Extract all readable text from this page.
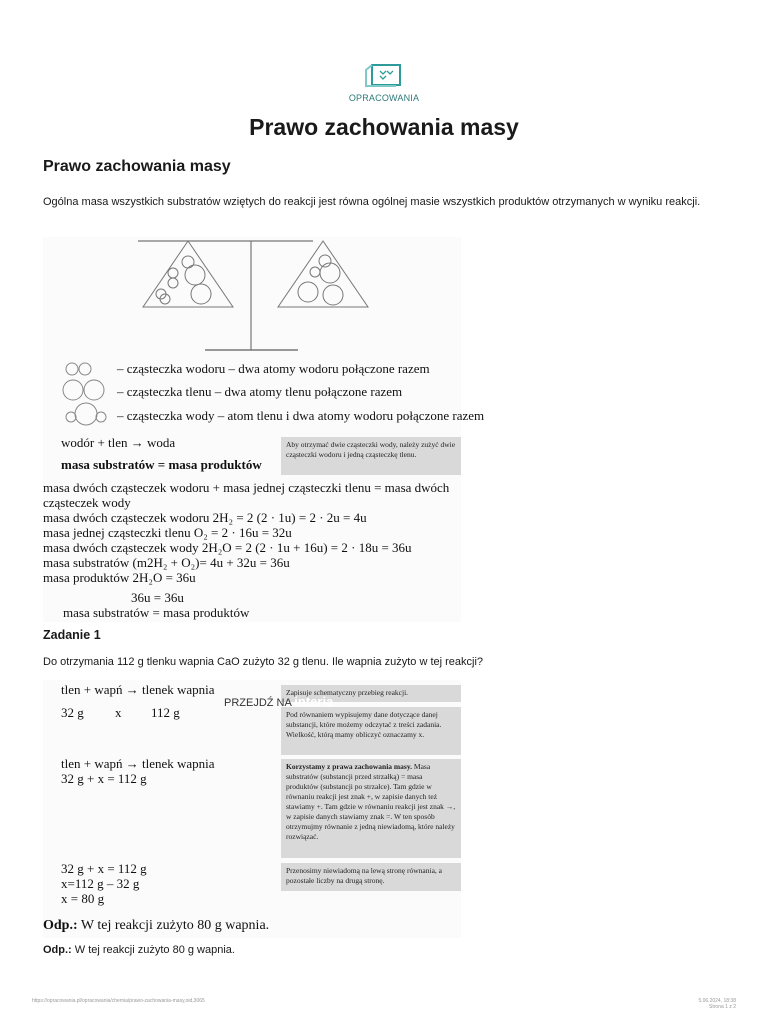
OPRACOWANIA
Prawo zachowania masy
Prawo zachowania masy

Ogólna masa wszystkich substratów wziętych do reakcji jest równa ogólnej masie wszystkich produktów otrzymanych w wyniku reakcji.

– cząsteczka wodoru – dwa atomy wodoru połączone razem
– cząsteczka tlenu – dwa atomy tlenu połączone razem
– cząsteczka wody – atom tlenu i dwa atomy wodoru połączone razem
wodór + tlen → woda
masa substratów = masa produktów
Aby otrzymać dwie cząsteczki wody, należy zużyć dwie cząsteczki wodoru i jedną cząsteczkę tlenu.
masa dwóch cząsteczek wodoru + masa jednej cząsteczki tlenu = masa dwóch
cząsteczek wody
masa dwóch cząsteczek wodoru 2H₂ = 2 (2 · 1u) = 2 · 2u = 4u
masa jednej cząsteczki tlenu O₂ = 2 · 16u = 32u
masa dwóch cząsteczek wody 2H₂O = 2 (2 · 1u + 16u) = 2 · 18u = 36u
masa substratów (m2H₂ + O₂)= 4u + 32u = 36u
masa produktów 2H₂O = 36u
36u = 36u
masa substratów = masa produktów
Zadanie 1

Do otrzymania 112 g tlenku wapnia CaO zużyto 32 g tlenu. Ile wapnia zużyto w tej reakcji?

tlen + wapń → tlenek wapnia
32 g x 112 g
Zapisuje schematyczny przebieg reakcji.
Pod równaniem wypisujemy dane dotyczące danej substancji, które możemy odczytać z treści zadania. Wielkość, którą mamy obliczyć oznaczamy x.
tlen + wapń → tlenek wapnia
32 g + x = 112 g
Korzystamy z prawa zachowania masy. Masa substratów (substancji przed strzałką) = masa produktów (substancji po strzałce). Tam gdzie w równaniu reakcji jest znak +, w zapisie danych też stawiamy +. Tam gdzie w równaniu reakcji jest znak →, w zapisie danych stawiamy znak =. W ten sposób otrzymujmy równanie z jedną niewiadomą, które należy rozwiązać.
32 g + x = 112 g
x=112 g – 32 g
x = 80 g
Przenosimy niewiadomą na lewą stronę równania, a pozostałe liczby na drugą stronę.
Odp.: W tej reakcji zużyto 80 g wapnia.
PRZEJDŹ NA interia

Odp.: W tej reakcji zużyto 80 g wapnia.

https://opracowania.pl/opracowania/chemia/prawo-zachowania-masy,oid,3065	5.06.2024, 18:38
Strona 1 z 2
